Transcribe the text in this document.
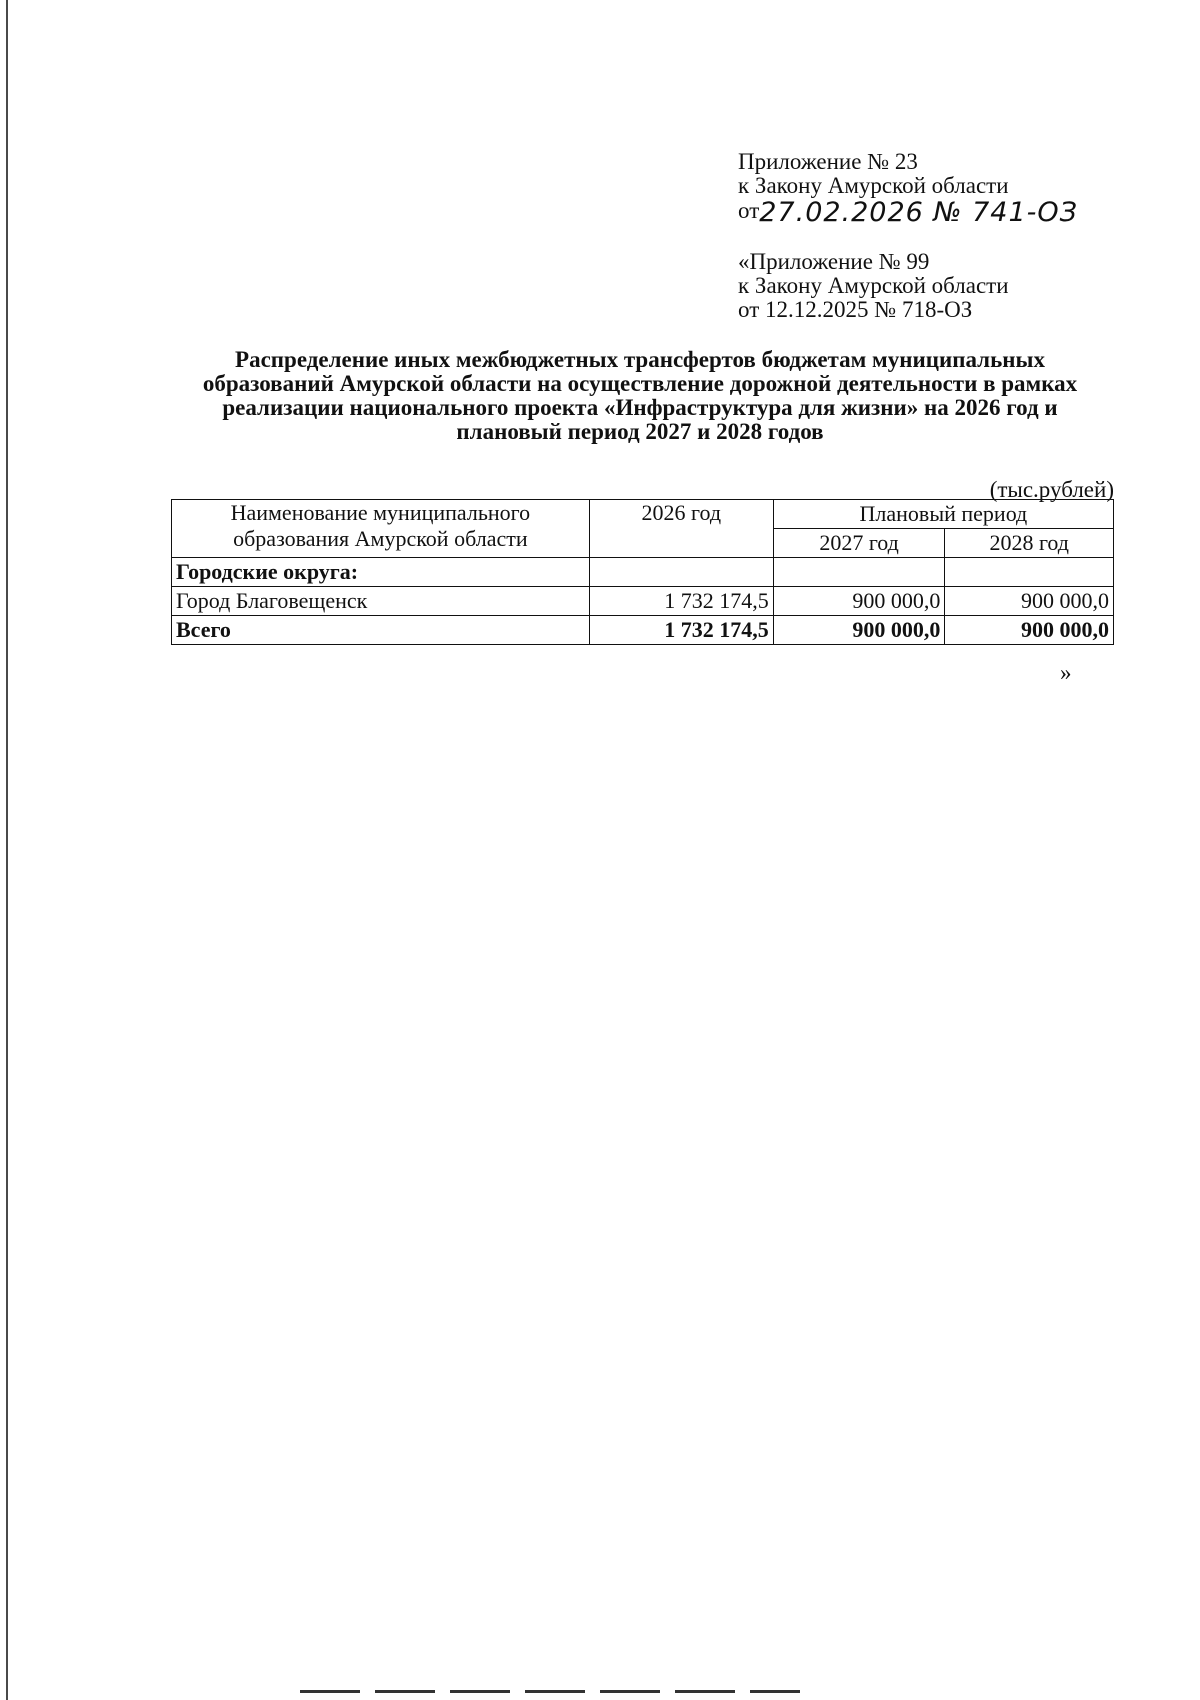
Приложение № 23
к Закону Амурской области
от27.02.2026 № 741-ОЗ
«Приложение № 99
к Закону Амурской области
от 12.12.2025 № 718-ОЗ
Распределение иных межбюджетных трансфертов бюджетам муниципальных
образований Амурской области на осуществление дорожной деятельности в рамках
реализации национального проекта «Инфраструктура для жизни» на 2026 год и
плановый период 2027 и 2028 годов
(тыс.рублей)
Наименование муниципального
образования Амурской области	2026 год	Плановый период	
		2027 год	2028 год
Городские округа:			
Город Благовещенск	1 732 174,5	900 000,0	900 000,0
Всего	1 732 174,5	900 000,0	900 000,0
»
